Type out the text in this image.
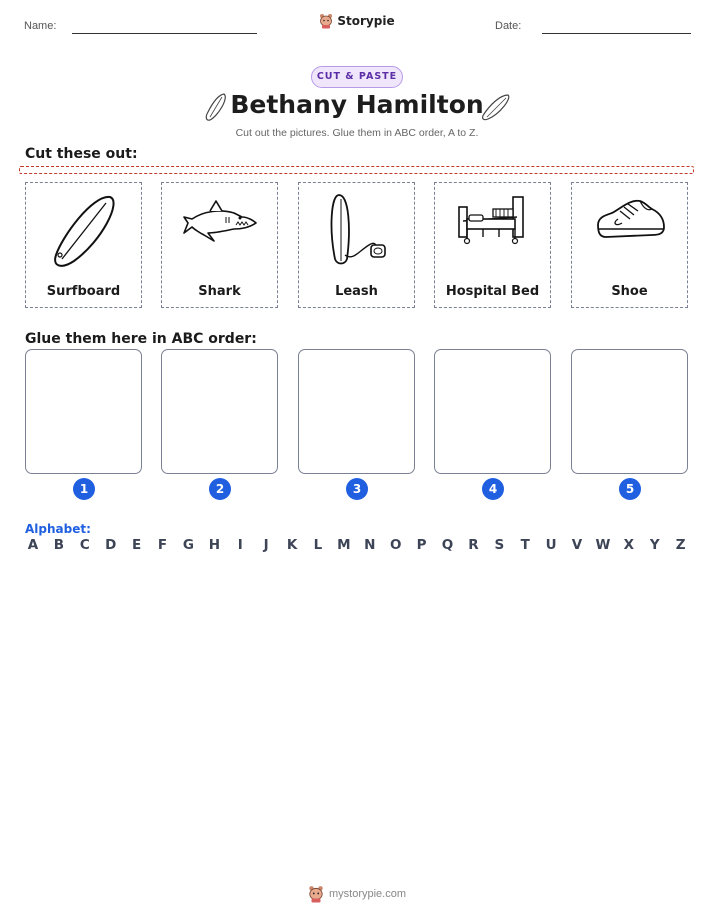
Name:	Storypie	Date:
CUT & PASTE
Bethany Hamilton
Cut out the pictures. Glue them in ABC order, A to Z.
Cut these out:
Surfboard	Shark	Leash	Hospital Bed	Shoe
Glue them here in ABC order:
1	2	3	4	5
Alphabet:
A B C D E F G H	I	J	K L M N O P Q R S T U V W X Y Z
mystorypie.com
